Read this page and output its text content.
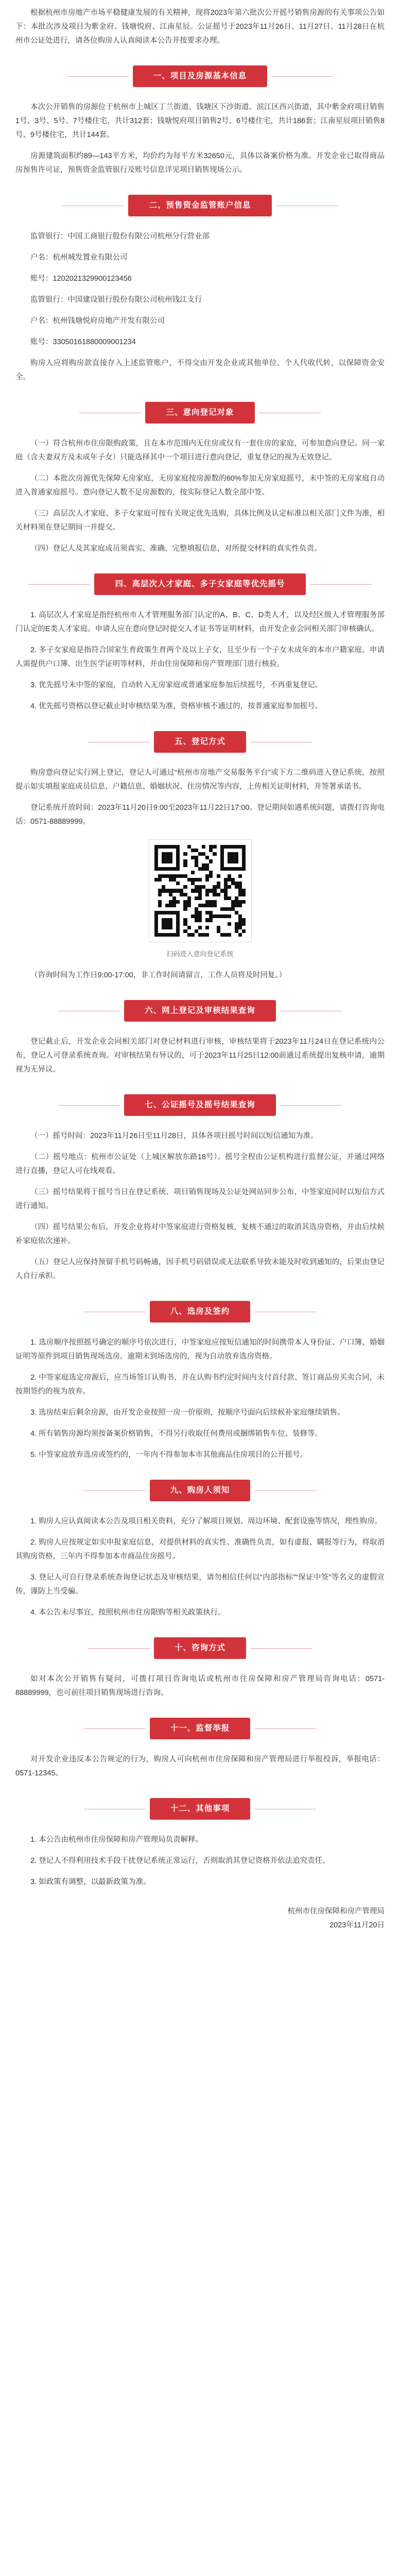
根据杭州市房地产市场平稳健康发展的有关精神，现将2023年第六批次公开摇号销售房源的有关事项公告如下：本批次涉及项目为紫金府、钱塘悦府、江南星辰。公证摇号于2023年11月26日、11月27日、11月28日在杭州市公证处进行，请各位购房人认真阅读本公告并按要求办理。

一、项目及房源基本信息

本次公开销售的房源位于杭州市上城区丁兰街道、钱塘区下沙街道、滨江区西兴街道，其中紫金府项目销售1号、3号、5号、7号楼住宅，共计312套；钱塘悦府项目销售2号、6号楼住宅，共计186套；江南星辰项目销售8号、9号楼住宅，共计144套。

房源建筑面积约89—143平方米，均价约为每平方米32650元，具体以备案价格为准。开发企业已取得商品房预售许可证，预售资金监管银行及账号信息详见项目销售现场公示。

二、预售资金监管账户信息

监管银行：中国工商银行股份有限公司杭州分行营业部

户名：杭州城发置业有限公司

账号：1202021329900123456

监管银行：中国建设银行股份有限公司杭州钱江支行

户名：杭州钱塘悦府房地产开发有限公司

账号：33050161880009001234

购房人应将购房款直接存入上述监管账户，不得交由开发企业或其他单位、个人代收代转，以保障资金安全。

三、意向登记对象

（一）符合杭州市住房限购政策，且在本市范围内无住房或仅有一套住房的家庭，可参加意向登记。同一家庭（含夫妻双方及未成年子女）只能选择其中一个项目进行意向登记，重复登记的视为无效登记。

（二）本批次房源优先保障无房家庭，无房家庭按房源数的60%参加无房家庭摇号，未中签的无房家庭自动进入普通家庭摇号。意向登记人数不足房源数的，按实际登记人数全部中签。

（三）高层次人才家庭、多子女家庭可按有关规定优先选购，具体比例及认定标准以相关部门文件为准，相关材料须在登记期间一并提交。

（四）登记人及其家庭成员须真实、准确、完整填报信息，对所提交材料的真实性负责。

四、高层次人才家庭、多子女家庭等优先摇号

1. 高层次人才家庭是指经杭州市人才管理服务部门认定的A、B、C、D类人才，以及经区级人才管理服务部门认定的E类人才家庭。申请人应在意向登记时提交人才证书等证明材料，由开发企业会同相关部门审核确认。

2. 多子女家庭是指符合国家生育政策生育两个及以上子女，且至少有一个子女未成年的本市户籍家庭。申请人需提供户口簿、出生医学证明等材料，并由住房保障和房产管理部门进行核验。

3. 优先摇号未中签的家庭，自动转入无房家庭或普通家庭参加后续摇号，不再重复登记。

4. 优先摇号资格以登记截止时审核结果为准，资格审核不通过的，按普通家庭参加摇号。

五、登记方式

购房意向登记实行网上登记，登记人可通过“杭州市房地产交易服务平台”或下方二维码进入登记系统，按照提示如实填报家庭成员信息、户籍信息、婚姻状况、住房情况等内容，上传相关证明材料，并签署承诺书。

登记系统开放时间：2023年11月20日9:00至2023年11月22日17:00。登记期间如遇系统问题，请拨打咨询电话：0571-88889999。

扫码进入意向登记系统

（咨询时间为工作日9:00-17:00，非工作时间请留言，工作人员将及时回复。）

六、网上登记及审核结果查询

登记截止后，开发企业会同相关部门对登记材料进行审核，审核结果将于2023年11月24日在登记系统内公布，登记人可登录系统查询。对审核结果有异议的，可于2023年11月25日12:00前通过系统提出复核申请，逾期视为无异议。

七、公证摇号及摇号结果查询

（一）摇号时间：2023年11月26日至11月28日，具体各项目摇号时间以短信通知为准。

（二）摇号地点：杭州市公证处（上城区解放东路18号）。摇号全程由公证机构进行监督公证，并通过网络进行直播，登记人可在线观看。

（三）摇号结果将于摇号当日在登记系统、项目销售现场及公证处网站同步公布，中签家庭同时以短信方式进行通知。

（四）摇号结果公布后，开发企业将对中签家庭进行资格复核，复核不通过的取消其选房资格，并由后续候补家庭依次递补。

（五）登记人应保持预留手机号码畅通，因手机号码错误或无法联系导致未能及时收到通知的，后果由登记人自行承担。

八、选房及签约

1. 选房顺序按照摇号确定的顺序号依次进行，中签家庭应按短信通知的时间携带本人身份证、户口簿、婚姻证明等原件到项目销售现场选房。逾期未到场选房的，视为自动放弃选房资格。

2. 中签家庭选定房源后，应当场签订认购书，并在认购书约定时间内支付首付款、签订商品房买卖合同，未按期签约的视为放弃。

3. 选房结束后剩余房源，由开发企业按照一房一价原则，按顺序号面向后续候补家庭继续销售。

4. 所有销售房源均须按备案价格销售，不得另行收取任何费用或捆绑销售车位、装修等。

5. 中签家庭放弃选房或签约的，一年内不得参加本市其他商品住房项目的公开摇号。

九、购房人须知

1. 购房人应认真阅读本公告及项目相关资料，充分了解项目规划、周边环境、配套设施等情况，理性购房。

2. 购房人应按规定如实申报家庭信息，对提供材料的真实性、准确性负责，如有虚报、瞒报等行为，将取消其购房资格，三年内不得参加本市商品住房摇号。

3. 登记人可自行登录系统查询登记状态及审核结果，请勿相信任何以“内部指标”“保证中签”等名义的虚假宣传，谨防上当受骗。

4. 本公告未尽事宜，按照杭州市住房限购等相关政策执行。

十、咨询方式

如对本次公开销售有疑问，可拨打项目咨询电话或杭州市住房保障和房产管理局咨询电话：0571-88889999，也可前往项目销售现场进行咨询。

十一、监督举报

对开发企业违反本公告规定的行为，购房人可向杭州市住房保障和房产管理局进行举报投诉，举报电话：0571-12345。

十二、其他事项

1. 本公告由杭州市住房保障和房产管理局负责解释。

2. 登记人不得利用技术手段干扰登记系统正常运行，否则取消其登记资格并依法追究责任。

3. 如政策有调整，以最新政策为准。

杭州市住房保障和房产管理局
2023年11月20日
